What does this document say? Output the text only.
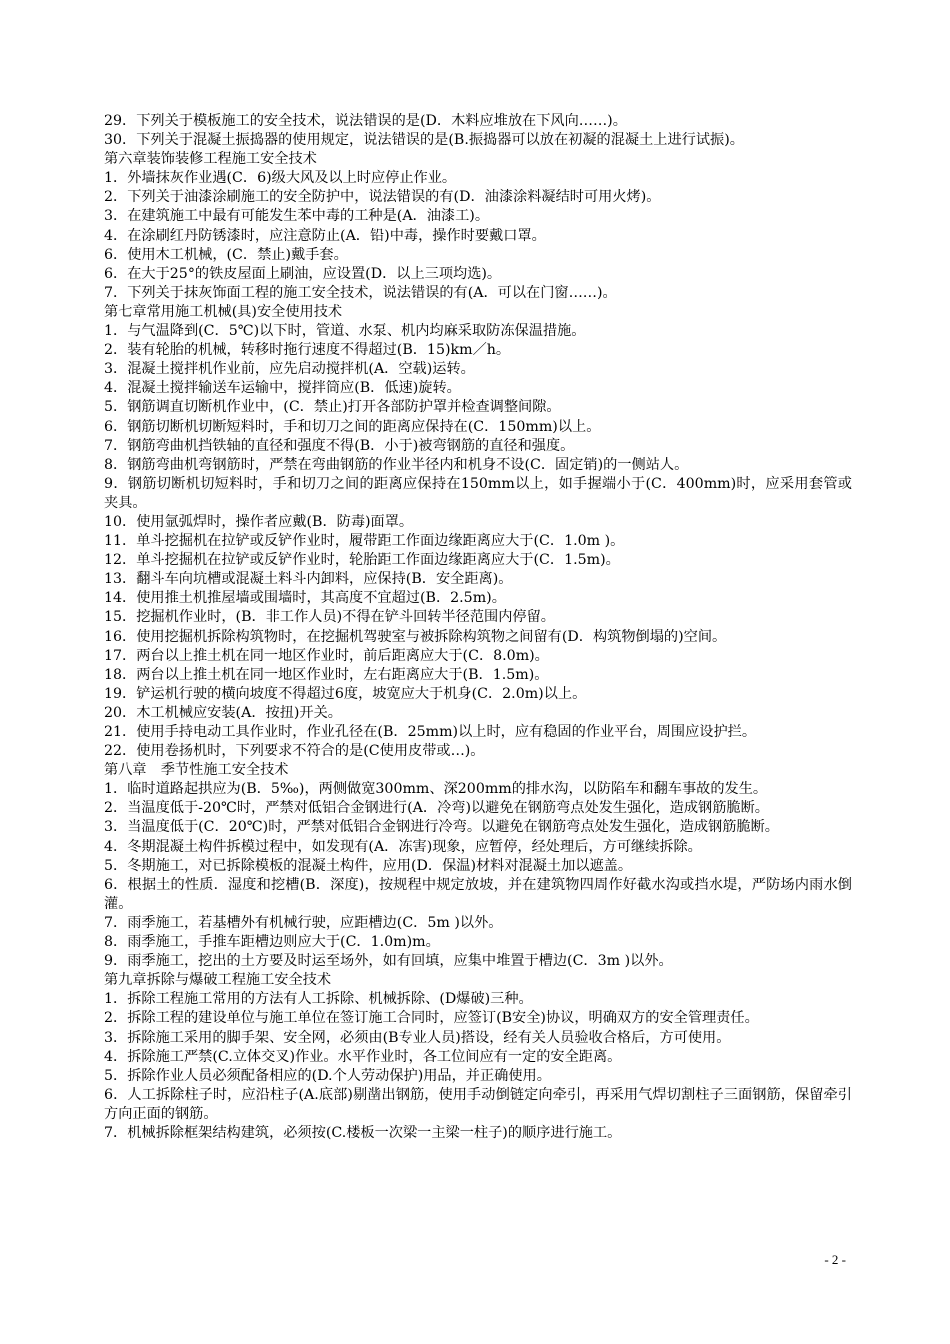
29．下列关于模板施工的安全技术，说法错误的是(D．木料应堆放在下风向……)。

30．下列关于混凝土振捣器的使用规定，说法错误的是(B.振捣器可以放在初凝的混凝土上进行试振)。

第六章装饰装修工程施工安全技术

1．外墙抹灰作业遇(C．6)级大风及以上时应停止作业。

2．下列关于油漆涂刷施工的安全防护中，说法错误的有(D．油漆涂料凝结时可用火烤)。

3．在建筑施工中最有可能发生苯中毒的工种是(A．油漆工)。

4．在涂刷红丹防锈漆时，应注意防止(A．铅)中毒，操作时要戴口罩。

6．使用木工机械，(C．禁止)戴手套。

6．在大于25°的铁皮屋面上刷油，应设置(D．以上三项均选)。

7．下列关于抹灰饰面工程的施工安全技术，说法错误的有(A．可以在门窗……)。

第七章常用施工机械(具)安全使用技术

1．与气温降到(C．5℃)以下时，管道、水泵、机内均麻采取防冻保温措施。

2．装有轮胎的机械，转移时拖行速度不得超过(B．15)km／h。

3．混凝土搅拌机作业前，应先启动搅拌机(A．空载)运转。

4．混凝土搅拌输送车运输中，搅拌筒应(B．低速)旋转。

5．钢筋调直切断机作业中，(C．禁止)打开各部防护罩并检查调整间隙。

6．钢筋切断机切断短料时，手和切刀之间的距离应保持在(C．150mm)以上。

7．钢筋弯曲机挡铁轴的直径和强度不得(B．小于)被弯钢筋的直径和强度。

8．钢筋弯曲机弯钢筋时，严禁在弯曲钢筋的作业半径内和机身不设(C．固定销)的一侧站人。

9．钢筋切断机切短料时，手和切刀之间的距离应保持在150mm以上，如手握端小于(C．400mm)时，应采用套管或夹具。

10．使用氩弧焊时，操作者应戴(B．防毒)面罩。

11．单斗挖掘机在拉铲或反铲作业时，履带距工作面边缘距离应大于(C．1.0m )。

12．单斗挖掘机在拉铲或反铲作业时，轮胎距工作面边缘距离应大于(C．1.5m)。

13．翻斗车向坑槽或混凝土料斗内卸料，应保持(B．安全距离)。

14．使用推土机推屋墙或围墙时，其高度不宜超过(B．2.5m)。

15．挖掘机作业时，(B．非工作人员)不得在铲斗回转半径范围内停留。

16．使用挖掘机拆除构筑物时，在挖掘机驾驶室与被拆除构筑物之间留有(D．构筑物倒塌的)空间。

17．两台以上推土机在同一地区作业时，前后距离应大于(C．8.0m)。

18．两台以上推土机在同一地区作业时，左右距离应大于(B．1.5m)。

19．铲运机行驶的横向坡度不得超过6度，坡宽应大于机身(C．2.0m)以上。

20．木工机械应安装(A．按扭)开关。

21．使用手持电动工具作业时，作业孔径在(B．25mm)以上时，应有稳固的作业平台，周围应设护拦。

22．使用卷扬机时，下列要求不符合的是(C使用皮带或…)。

第八章　季节性施工安全技术

1．临时道路起拱应为(B．5‰)，两侧做宽300mm、深200mm的排水沟，以防陷车和翻车事故的发生。

2．当温度低于-20℃时，严禁对低铝合金钢进行(A．冷弯)以避免在钢筋弯点处发生强化，造成钢筋脆断。

3．当温度低于(C．20℃)时，严禁对低铝合金钢进行冷弯。以避免在钢筋弯点处发生强化，造成钢筋脆断。

4．冬期混凝土构件拆模过程中，如发现有(A．冻害)现象，应暂停，经处理后，方可继续拆除。

5．冬期施工，对已拆除模板的混凝土构件，应用(D．保温)材料对混凝土加以遮盖。

6．根据土的性质．湿度和挖槽(B．深度)，按规程中规定放坡，并在建筑物四周作好截水沟或挡水堤，严防场内雨水倒灌。

7．雨季施工，若基槽外有机械行驶，应距槽边(C．5m )以外。

8．雨季施工，手推车距槽边则应大于(C．1.0m)m。

9．雨季施工，挖出的土方要及时运至场外，如有回填，应集中堆置于槽边(C．3m )以外。

第九章拆除与爆破工程施工安全技术

1．拆除工程施工常用的方法有人工拆除、机械拆除、(D爆破)三种。

2．拆除工程的建设单位与施工单位在签订施工合同时，应签订(B安全)协议，明确双方的安全管理责任。

3．拆除施工采用的脚手架、安全网，必须由(B专业人员)搭设，经有关人员验收合格后，方可使用。

4．拆除施工严禁(C.立体交叉)作业。水平作业时，各工位间应有一定的安全距离。

5．拆除作业人员必须配备相应的(D.个人劳动保护)用品，并正确使用。

6．人工拆除柱子时，应沿柱子(A.底部)剔凿出钢筋，使用手动倒链定向牵引，再采用气焊切割柱子三面钢筋，保留牵引方向正面的钢筋。

7．机械拆除框架结构建筑，必须按(C.楼板一次梁一主梁一柱子)的顺序进行施工。

- 2 -
